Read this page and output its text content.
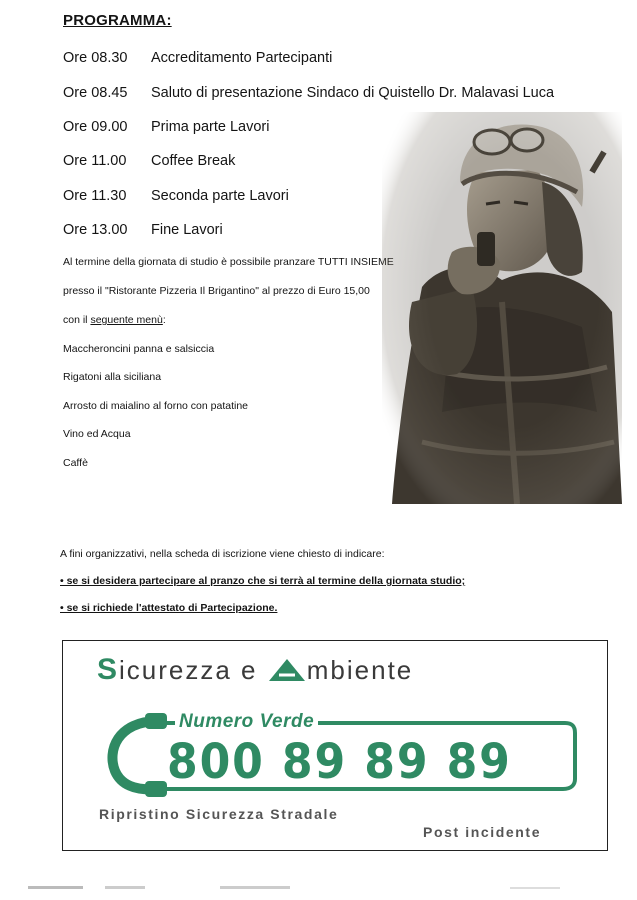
PROGRAMMA:
Ore 08.30 Accreditamento Partecipanti
Ore 08.45 Saluto di presentazione Sindaco di Quistello Dr. Malavasi Luca
Ore 09.00 Prima parte Lavori
Ore 11.00 Coffee Break
Ore 11.30 Seconda parte Lavori
Ore 13.00 Fine Lavori
Al termine della giornata di studio è possibile pranzare TUTTI INSIEME
presso il "Ristorante Pizzeria Il Brigantino" al prezzo di Euro 15,00
con il seguente menù:
Maccheroncini panna e salsiccia
Rigatoni alla siciliana
Arrosto di maialino al forno con patatine
Vino ed Acqua
Caffè
A fini organizzativi, nella scheda di iscrizione viene chiesto di indicare:
• se si desidera partecipare al pranzo che si terrà al termine della giornata studio;
• se si richiede l'attestato di Partecipazione.
Sicurezza e mbiente
Numero Verde
800 89 89 89
Ripristino Sicurezza Stradale
Post incidente
